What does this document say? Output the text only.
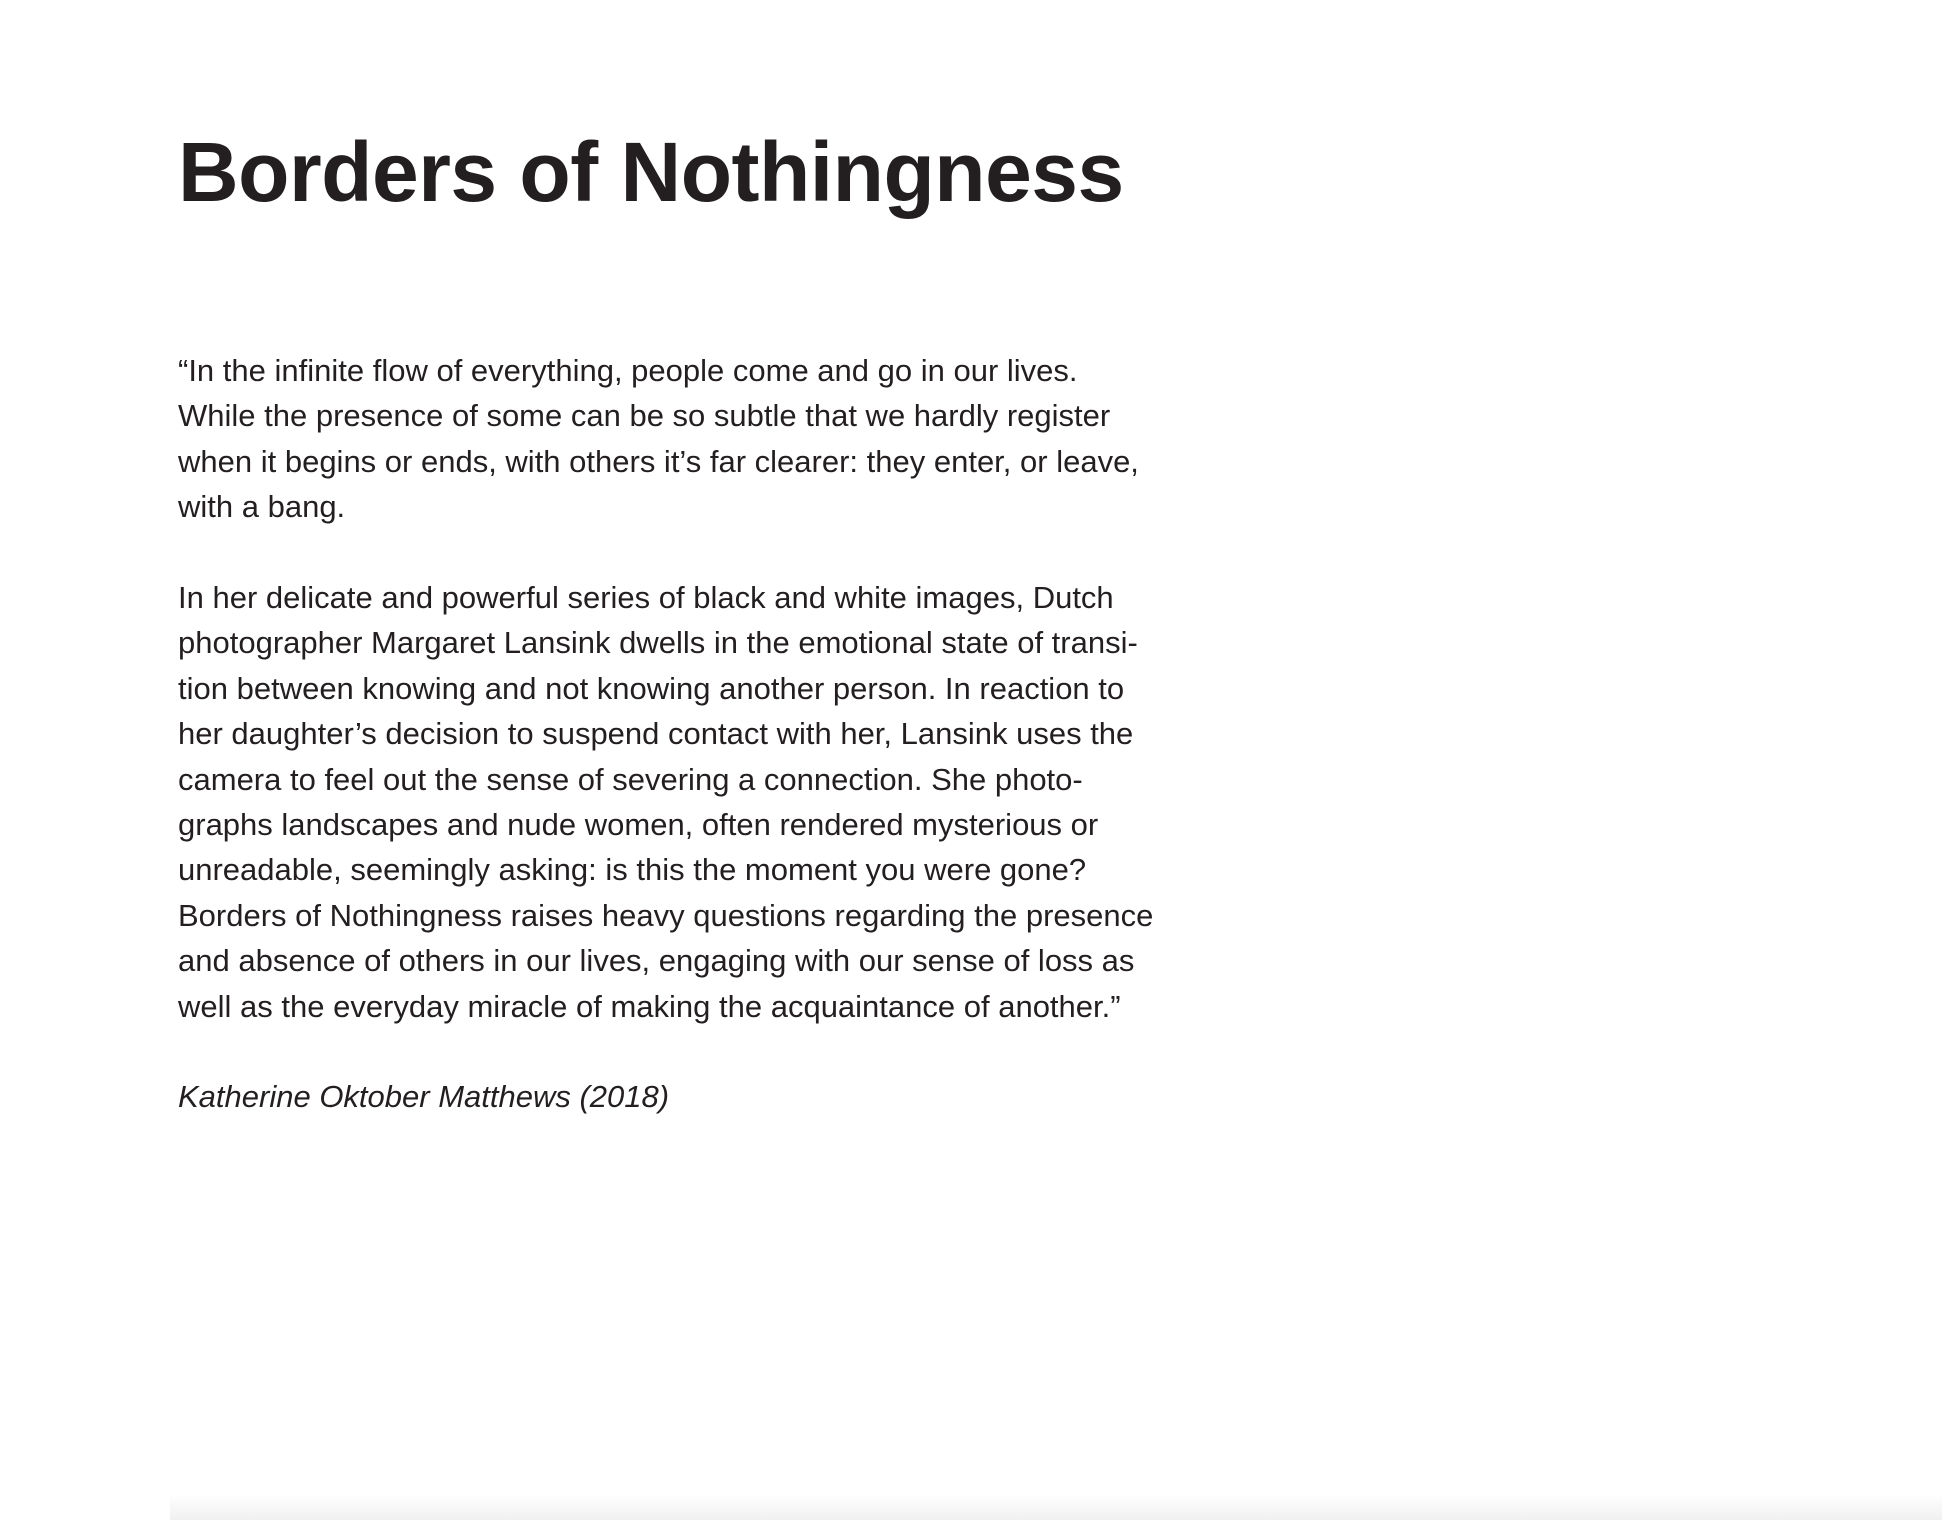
Borders of Nothingness
“In the infinite flow of everything, people come and go in our lives.
While the presence of some can be so subtle that we hardly register
when it begins or ends, with others it’s far clearer: they enter, or leave,
with a bang.
In her delicate and powerful series of black and white images, Dutch
photographer Margaret Lansink dwells in the emotional state of transi-
tion between knowing and not knowing another person. In reaction to
her daughter’s decision to suspend contact with her, Lansink uses the
camera to feel out the sense of severing a connection. She photo-
graphs landscapes and nude women, often rendered mysterious or
unreadable, seemingly asking: is this the moment you were gone?
Borders of Nothingness raises heavy questions regarding the presence
and absence of others in our lives, engaging with our sense of loss as
well as the everyday miracle of making the acquaintance of another.”
Katherine Oktober Matthews (2018)
